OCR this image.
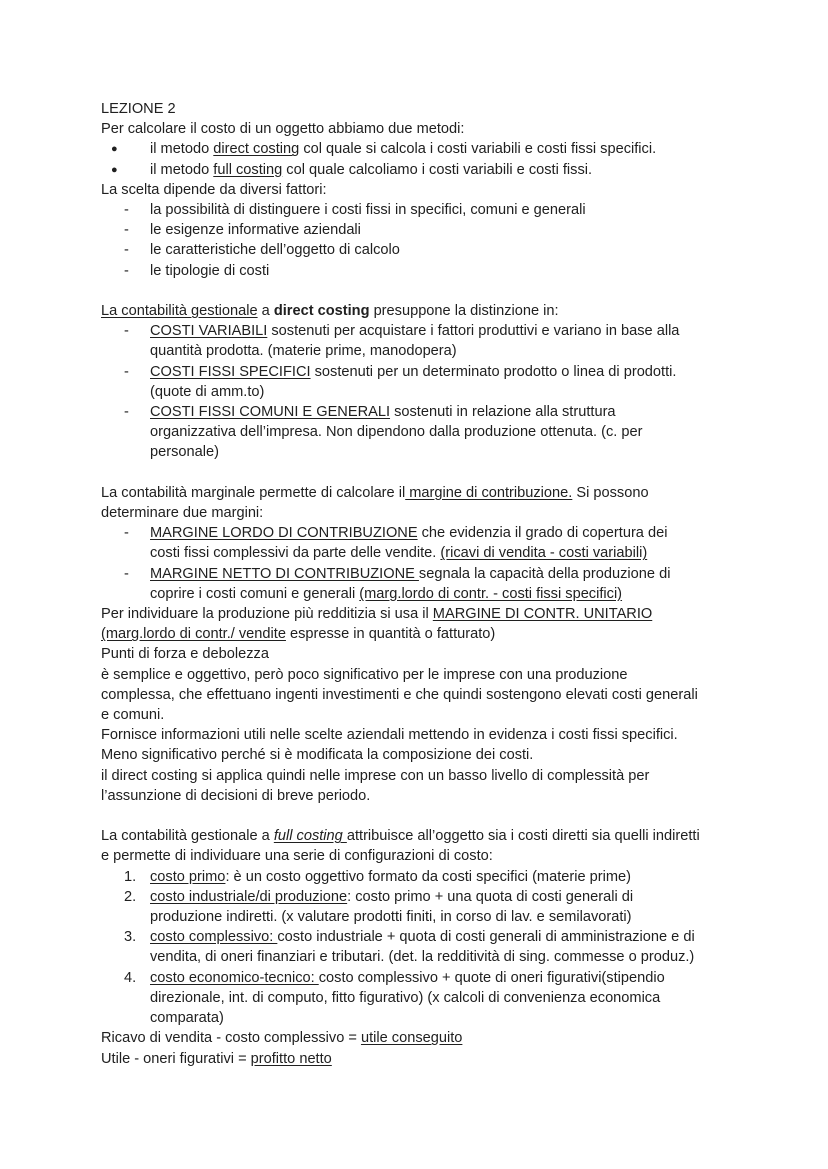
LEZIONE 2

Per calcolare il costo di un oggetto abbiamo due metodi:

● il metodo direct costing col quale si calcola i costi variabili e costi fissi specifici.

● il metodo full costing col quale calcoliamo i costi variabili e costi fissi.

La scelta dipende da diversi fattori:

- la possibilità di distinguere i costi fissi in specifici, comuni e generali

- le esigenze informative aziendali

- le caratteristiche dell’oggetto di calcolo

- le tipologie di costi

La contabilità gestionale a direct costing presuppone la distinzione in:

- COSTI VARIABILI sostenuti per acquistare i fattori produttivi e variano in base alla
quantità prodotta. (materie prime, manodopera)

- COSTI FISSI SPECIFICI sostenuti per un determinato prodotto o linea di prodotti.
(quote di amm.to)

- COSTI FISSI COMUNI E GENERALI sostenuti in relazione alla struttura
organizzativa dell’impresa. Non dipendono dalla produzione ottenuta. (c. per
personale)

La contabilità marginale permette di calcolare il margine di contribuzione. Si possono
determinare due margini:

- MARGINE LORDO DI CONTRIBUZIONE che evidenzia il grado di copertura dei
costi fissi complessivi da parte delle vendite. (ricavi di vendita - costi variabili)

- MARGINE NETTO DI CONTRIBUZIONE segnala la capacità della produzione di
coprire i costi comuni e generali (marg.lordo di contr. - costi fissi specifici)

Per individuare la produzione più redditizia si usa il MARGINE DI CONTR. UNITARIO
(marg.lordo di contr./ vendite espresse in quantità o fatturato)

Punti di forza e debolezza

è semplice e oggettivo, però poco significativo per le imprese con una produzione

complessa, che effettuano ingenti investimenti e che quindi sostengono elevati costi generali

e comuni.

Fornisce informazioni utili nelle scelte aziendali mettendo in evidenza i costi fissi specifici.

Meno significativo perché si è modificata la composizione dei costi.

il direct costing si applica quindi nelle imprese con un basso livello di complessità per

l’assunzione di decisioni di breve periodo.

La contabilità gestionale a full costing attribuisce all’oggetto sia i costi diretti sia quelli indiretti
e permette di individuare una serie di configurazioni di costo:

1. costo primo: è un costo oggettivo formato da costi specifici (materie prime)

2. costo industriale/di produzione: costo primo + una quota di costi generali di
produzione indiretti. (x valutare prodotti finiti, in corso di lav. e semilavorati)

3. costo complessivo: costo industriale + quota di costi generali di amministrazione e di
vendita, di oneri finanziari e tributari. (det. la redditività di sing. commesse o produz.)

4. costo economico-tecnico: costo complessivo + quote di oneri figurativi(stipendio
direzionale, int. di computo, fitto figurativo) (x calcoli di convenienza economica
comparata)

Ricavo di vendita - costo complessivo = utile conseguito

Utile - oneri figurativi = profitto netto
